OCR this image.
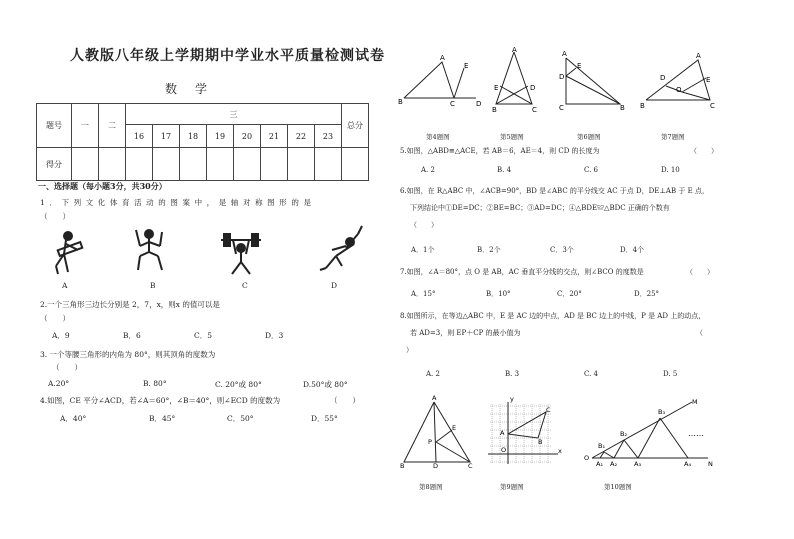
人教版八年级上学期期中学业水平质量检测试卷
数学
题号	一	二	三								总分
			16	17	18	19	20	21	22	23	
得分											
一、选择题（每小题3分，共30分）
1．下列文化体育活动的图案中，是轴对称图形的是
（　　）
A	B	C	D
2.一个三角形三边长分别是 2，7，x，则x 的值可以是
（　　）
A．9	B．6	C．5	D．3
3. 一个等腰三角形的内角为 80°，则其顶角的度数为
（　　）
A.20°	B. 80°	C. 20°或 80°	D.50°或 80°
4.如图，CE 平分∠ACD，若∠A＝60°，∠B＝40°，则∠ECD 的度数为	（　　）
A．40°	B．45°	C．50°	D．55°
A
B	C	D
E
A
E	D
B	C
A
E
D
C	B
A
D	E
O
B	C
第4题图	第5题图	第6题图	第7题图
5.如图，△ABD≌△ACE，若 AB＝6，AE＝4，则 CD 的长度为	（　　）
A. 2	B. 4	C. 6	D. 10
6.如图，在 R△ABC 中，∠ACB=90°，BD 是∠ABC 的平分线交 AC 于点 D，DE⊥AB 于 E 点，
下列结论中①DE=DC；②BE=BC；③AD=DC；④△BDE≌△BDC 正确的个数有
（　　）
A．1个	B．2个	C．3个	D．4个
7.如图，∠A＝80°，点 O 是 AB，AC 垂直平分线的交点，则∠BCO 的度数是	（　　）
A．15°	B．10°	C．20°	D．25°
8.如图所示，在等边△ABC 中，E 是 AC 边的中点，AD 是 BC 边上的中线，P 是 AD 上的动点，
若 AD=3，则 EP＋CP 的最小值为	（
）
A. 2	B. 3	C. 4	D. 5
A
E
P
B	D	C
y
x
O
A
C
B
M
B₃
B₂
B₁
O
A₁ A₂	A₃	A₄	N
……
第8题图	第9题图	第10题图
